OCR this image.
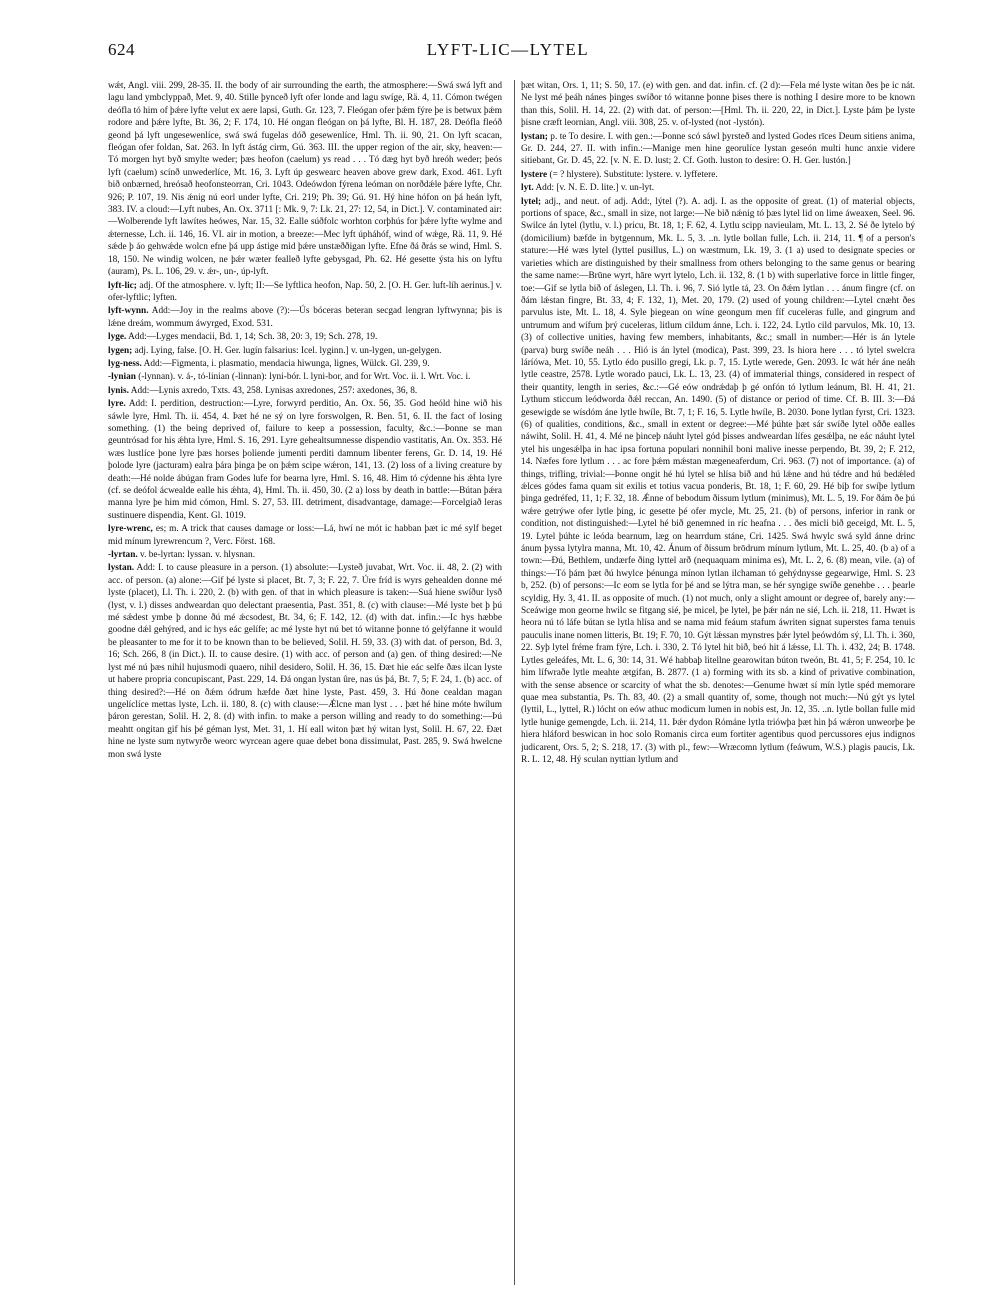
624	LYFT-LIC—LYTEL

wǽt, Angl. viii. 299, 28-35. II. the body of air surrounding the earth, the atmosphere:—Swá swá lyft and lagu land ymbclyppað, Met. 9, 40. Stille þynceð lyft ofer londe and lagu swíge, Rä. 4, 11. Cómon twégen deófla tó him of þǽre lyfte velut ex aere lapsi, Guth. Gr. 123, 7. Fleógan ofer þǽm fýre þe is betwux þǽm rodore and þǽre lyfte, Bt. 36, 2; F. 174, 10. Hé ongan fleógan on þá lyfte, Bl. H. 187, 28. Deófla fleóð geond þá lyft ungesewenlíce, swá swá fugelas dóð gesewenlíce, Hml. Th. ii. 90, 21. On lyft scacan, fleógan ofer foldan, Sat. 263. In lyft ástág cirm, Gú. 363. III. the upper region of the air, sky, heaven:—Tó morgen hyt byð smylte weder; þæs heofon (caelum) ys read . . . Tó dæg hyt byð hreóh weder; þeós lyft (caelum) scínð unwederlíce, Mt. 16, 3. Lyft úp geswearc heaven above grew dark, Exod. 461. Lyft bið onbærned, hreósað heofonsteorran, Cri. 1043. Odeówdon fýrena leóman on norðdǽle þǽre lyfte, Chr. 926; P. 107, 19. Nis ǽnig nú eorl under lyfte, Cri. 219; Ph. 39; Gú. 91. Hý hine hófon on þá heán lyft, 383. IV. a cloud:—Lyft nubes, An. Ox. 3711 [: Mk. 9, 7: Lk. 21, 27: 12, 54, in Dict.]. V. contaminated air:—Wolberende lyft lawítes heówes, Nar. 15, 32. Ealle súðfolc worhton corþhús for þǽre lyfte wylme and ǽternesse, Lch. ii. 146, 16. VI. air in motion, a breeze:—Mec lyft úpháhóf, wind of wǽge, Rä. 11, 9. Hé sǽde þ áo gehwǽde wolcn efne þá upp ástige mid þǽre unstæððigan lyfte. Efne ðá ðrás se wind, Hml. S. 18, 150. Ne windig wolcen, ne þǽr wæter fealleð lyfte gebysgad, Ph. 62. Hé gesette ýsta his on lyftu (auram), Ps. L. 106, 29. v. ǽr-, un-, úp-lyft.

lyft-lic; adj. Of the atmosphere. v. lyft; II:—Se lyftlica heofon, Nap. 50, 2. [O. H. Ger. luft-líh aerinus.] v. ofer-lyftlic; lyften.

lyft-wynn. Add:—Joy in the realms above (?):—Ús bóceras beteran secgad lengran lyftwynna; þis is lǽne dreám, wommum áwyrged, Exod. 531.

lyge. Add:—Lyges mendacii, Bd. 1, 14; Sch. 38, 20: 3, 19; Sch. 278, 19.

lygen; adj. Lying, false. [O. H. Ger. lugín falsarius: Icel. lyginn.] v. un-lygen, un-gelygen.

lyg-ness. Add:—Figmenta, i. plasmatio, mendacia hiwunga, lignes, Wülck. Gl. 239, 9.

-lynian (-lynnan). v. á-, tó-linian (-linnan): lyni-bór. l. lyni-bor, and for Wrt. Voc. ii. l. Wrt. Voc. i.

lynis. Add:—Lynis axredo, Txts. 43, 258. Lynisas axredones, 257: axedones, 36, 8.

lyre. Add: I. perdition, destruction:—Lyre, forwyrd perditio, An. Ox. 56, 35. God heóld hine wið his sáwle lyre, Hml. Th. ii. 454, 4. Þæt hé ne sý on lyre forswolgen, R. Ben. 51, 6. II. the fact of losing something. (1) the being deprived of, failure to keep a possession, faculty, &c.:—Þonne se man geuntrósad for his ǽhta lyre, Hml. S. 16, 291. Lyre gehealtsumnesse dispendio vastitatis, An. Ox. 353. Hé wæs lustlíce þone lyre þæs horses þoliende jumenti perditi damnum libenter ferens, Gr. D. 14, 19. Hé þolode lyre (jacturam) ealra þára þinga þe on þǽm scipe wǽron, 141, 13. (2) loss of a living creature by death:—Hé nolde ábúgan fram Godes lufe for bearna lyre, Hml. S. 16, 48. Him tó cýdenne his ǽhta lyre (cf. se deófol ácwealde ealle his ǽhta, 4), Hml. Th. ii. 450, 30. (2 a) loss by death in battle:—Bútan þǽra manna lyre þe him mid cómon, Hml. S. 27, 53. III. detriment, disadvantage, damage:—Forcelgiað leras sustinuere dispendia, Kent. Gl. 1019.

lyre-wrenc, es; m. A trick that causes damage or loss:—Lá, hwí ne mót ic habban þæt ic mé sylf beget mid mínum lyrewrencum ?, Verc. Först. 168.

-lyrtan. v. be-lyrtan: lyssan. v. hlysnan.

lystan. Add: I. to cause pleasure in a person. (1) absolute:—Lysteð juvabat, Wrt. Voc. ii. 48, 2. (2) with acc. of person. (a) alone:—Gif þé lyste si placet, Bt. 7, 3; F. 22, 7. Úre fríd is wyrs gehealden donne mé lyste (placet), Ll. Th. i. 220, 2. (b) with gen. of that in which pleasure is taken:—Suá hiene swíður lysð (lyst, v. l.) disses andweardan quo delectant praesentia, Past. 351, 8. (c) with clause:—Mé lyste bet þ þú mé sǽdest ymbe þ donne ðú mé ǽcsodest, Bt. 34, 6; F. 142, 12. (d) with dat. infin.:—Ic hys hæbbe goodne dǽl gehýred, and ic hys eác gelífe; ac mé lyste hyt nú bet tó witanne þonne tó gelýfanne it would be pleasanter to me for it to be known than to be believed, Solil. H. 59, 33. (3) with dat. of person, Bd. 3, 16; Sch. 266, 8 (in Dict.). II. to cause desire. (1) with acc. of person and (a) gen. of thing desired:—Ne lyst mé nú þæs nihil hujusmodi quaero, nihil desidero, Solil. H. 36, 15. Ðæt hie eác selfe ðæs ilcan lyste ut habere propria concupiscant, Past. 229, 14. Ðá ongan lystan ûre, nas ús þá, Bt. 7, 5; F. 24, 1. (b) acc. of thing desired?:—Hé on ðǽm ódrum hæfde ðæt hine lyste, Past. 459, 3. Hú ðone cealdan magan ungelíclíce mettas lyste, Lch. ii. 180, 8. (c) with clause:—Ǽlcne man lyst . . . þæt hé hine móte hwílum þáron gerestan, Solil. H. 2, 8. (d) with infin. to make a person willing and ready to do something:—Þú meahtt ongitan gif his þé géman lyst, Met. 31, 1. Hí eall witon þæt hý witan lyst, Solil. H. 67, 22. Ðæt hine ne lyste sum nytwyrðe weorc wyrcean agere quae debet bona dissimulat, Past. 285, 9. Swá hwelcne mon swá lyste

þæt witan, Ors. 1, 11; S. 50, 17. (e) with gen. and dat. infin. cf. (2 d):—Fela mé lyste witan ðes þe ic nát. Ne lyst mé þeáh nánes þinges swíðor tó witanne þonne þises there is nothing I desire more to be known than this, Solil. H. 14, 22. (2) with dat. of person:—[Hml. Th. ii. 220, 22, in Dict.]. Lyste þám þe lyste þisne cræft leornian, Angl. viii. 308, 25. v. of-lysted (not -lystón).

lystan; p. te To desire. I. with gen.:—Þonne scó sáwl þyrsteð and lysted Godes rīces Deum sitiens anima, Gr. D. 244, 27. II. with infin.:—Manige men hine georulíce lystan geseón multi hunc anxie videre sitiebant, Gr. D. 45, 22. [v. N. E. D. lust; 2. Cf. Goth. luston to desire: O. H. Ger. lustón.]

lystere (= ? hlystere). Substitute: lystere. v. lyffetere.

lyt. Add: [v. N. E. D. lite.] v. un-lyt.

lytel; adj., and neut. of adj. Add:, lýtel (?). A. adj. I. as the opposite of great. (1) of material objects, portions of space, &c., small in size, not large:—Ne bið nǽnig tó þæs lytel lid on lime áweaxen, Seel. 96. Swilce án lytel (lytlu, v. l.) pricu, Bt. 18, 1; F. 62, 4. Lytlu scipp navieulam, Mt. L. 13, 2. Sé ðe lytelo bý (domicilium) bæfde in bytgennum, Mk. L. 5, 3. ..n. lytle bollan fulle, Lch. ii. 214, 11. ¶ of a person's stature:—Hé wæs lytel (lyttel pusillus, L.) on wæstmum, Lk. 19, 3. (1 a) used to designate species or varieties which are distinguished by their smallness from others belonging to the same genus or bearing the same name:—Brūne wyrt, hāre wyrt lytelo, Lch. ii. 132, 8. (1 b) with superlative force in little finger, toe:—Gif se lytla bið of áslegen, Ll. Th. i. 96, 7. Sió lytle tá, 23. On ðǽm lytlan . . . ánum fingre (cf. on ðám lǽstan fingre, Bt. 33, 4; F. 132, 1), Met. 20, 179. (2) used of young children:—Lytel cnæht ðes parvulus iste, Mt. L. 18, 4. Syle þiegean on wíne geongum men fíf cuceleras fulle, and gingrum and untrumum and wífum þrý cuceleras, litlum cildum ánne, Lch. i. 122, 24. Lytlo cild parvulos, Mk. 10, 13. (3) of collective unities, having few members, inhabitants, &c.; small in number:—Hér is án lytele (parva) burg swíðe neáh . . . Hió is án lytel (modica), Past. 399, 23. Is hiora here . . . tó lytel swelcra láríówa, Met. 10, 55. Lytlo édo pusillo gregi, Lk. p. 7, 15. Lytle werede, Gen. 2093. Ic wát hér áne neáh lytle ceastre, 2578. Lytle worado pauci, Lk. L. 13, 23. (4) of immaterial things, considered in respect of their quantity, length in series, &c.:—Gé eów ondrǽdaþ þ gé onfón tó lytlum leánum, Bl. H. 41, 21. Lythum sticcum leódworda ðǽl reccan, An. 1490. (5) of distance or period of time. Cf. B. III. 3:—Ðá gesewigde se wísdóm áne lytle hwíle, Bt. 7, 1; F. 16, 5. Lytle hwíle, B. 2030. Þone lytlan fyrst, Cri. 1323. (6) of qualities, conditions, &c., small in extent or degree:—Mé þúhte þæt sár swíðe lytel oððe ealles náwiht, Solil. H. 41, 4. Mé ne þinceþ náuht lytel gód þisses andweardan lífes gesǽlþa, ne eác náuht lytel ytel his ungesǽlþa in hac ipsa fortuna populari nonnihil boni malive inesse perpendo, Bt. 39, 2; F. 212, 14. Næfes fore lytlum . . . ac fore þǽm mǽstan mægeneaferdum, Cri. 963. (7) not of importance. (a) of things, trifling, trivial:—Þonne ongit hé hú lytel se hlísa bið and hú lǽne and hú tédre and hú bedǽled ǽlces gódes fama quam sit exilis et totius vacua ponderis, Bt. 18, 1; F. 60, 29. Hé biþ for swíþe lytlum þinga gedréfed, 11, 1; F. 32, 18. Ǽnne of bebodum ðissum lytlum (minimus), Mt. L. 5, 19. For ðám ðe þú wǽre getrýwe ofer lytle þing, ic gesette þé ofer mycle, Mt. 25, 21. (b) of persons, inferior in rank or condition, not distinguished:—Lytel hé bið genemned in ríc heafna . . . ðes micli bið geceigd, Mt. L. 5, 19. Lytel þúhte ic leóda bearnum, læg on hearrdum stáne, Cri. 1425. Swá hwylc swá syld ánne drinc ánum þyssa lytylra manna, Mt. 10, 42. Ánum of ðissum brōdrum mínum lytlum, Mt. L. 25, 40. (b a) of a town:—Ðú, Bethlem, undærfe ðing lyttel arð (nequaquam minima es), Mt. L. 2, 6. (8) mean, vile. (a) of things:—Tó þám þæt ðú hwylce þénunga mínon lytlan ilchaman tó gehýdnysse gegearwige, Hml. S. 23 b, 252. (b) of persons:—Ic eom se lytla for þé and se lýtra man, se hér syngige swíðe genehbe . . . þearle scyldig, Hy. 3, 41. II. as opposite of much. (1) not much, only a slight amount or degree of, barely any:—Sceáwige mon georne hwilc se fitgang sié, þe micel, þe lytel, þe þǽr nán ne sié, Lch. ii. 218, 11. Hwæt is heora nú tó láfe bútan se lytla hlísa and se nama mid feáum stafum áwriten signat superstes fama tenuis pauculis inane nomen litteris, Bt. 19; F. 70, 10. Gýt lǽssan mynstres þǽr lytel þeówdóm sý, Ll. Th. i. 360, 22. Syþ lytel fréme fram fýre, Lch. i. 330, 2. Tó lytel hit bið, beó hit á lǽsse, Ll. Th. i. 432, 24; B. 1748. Lytles geleáfes, Mt. L. 6, 30: 14, 31. Wé habbaþ litellne gearowitan búton tweón, Bt. 41, 5; F. 254, 10. Ic him lífwraðe lytle meahte ætgifan, B. 2877. (1 a) forming with its sb. a kind of privative combination, with the sense absence or scarcity of what the sb. denotes:—Genume hwæt sí mín lytle spéd memorare quae mea substantia, Ps. Th. 83, 40. (2) a small quantity of, some, though not much:—Nú gýt ys lytel (lyttil, L., lyttel, R.) lócht on eów athuc modicum lumen in nobis est, Jn. 12, 35. ..n. lytle bollan fulle mid lytle hunige gemengde, Lch. ii. 214, 11. Þǽr dydon Rómáne lytla triówþa þæt hin þá wǽron unweorþe þe hiera hláford beswican in hoc solo Romanis circa eum fortiter agentibus quod percussores ejus indignos judicarent, Ors. 5, 2; S. 218, 17. (3) with pl., few:—Wræcomn lytlum (feáwum, W.S.) plagis paucis, Lk. R. L. 12, 48. Hý sculan nyttian lytlum and
